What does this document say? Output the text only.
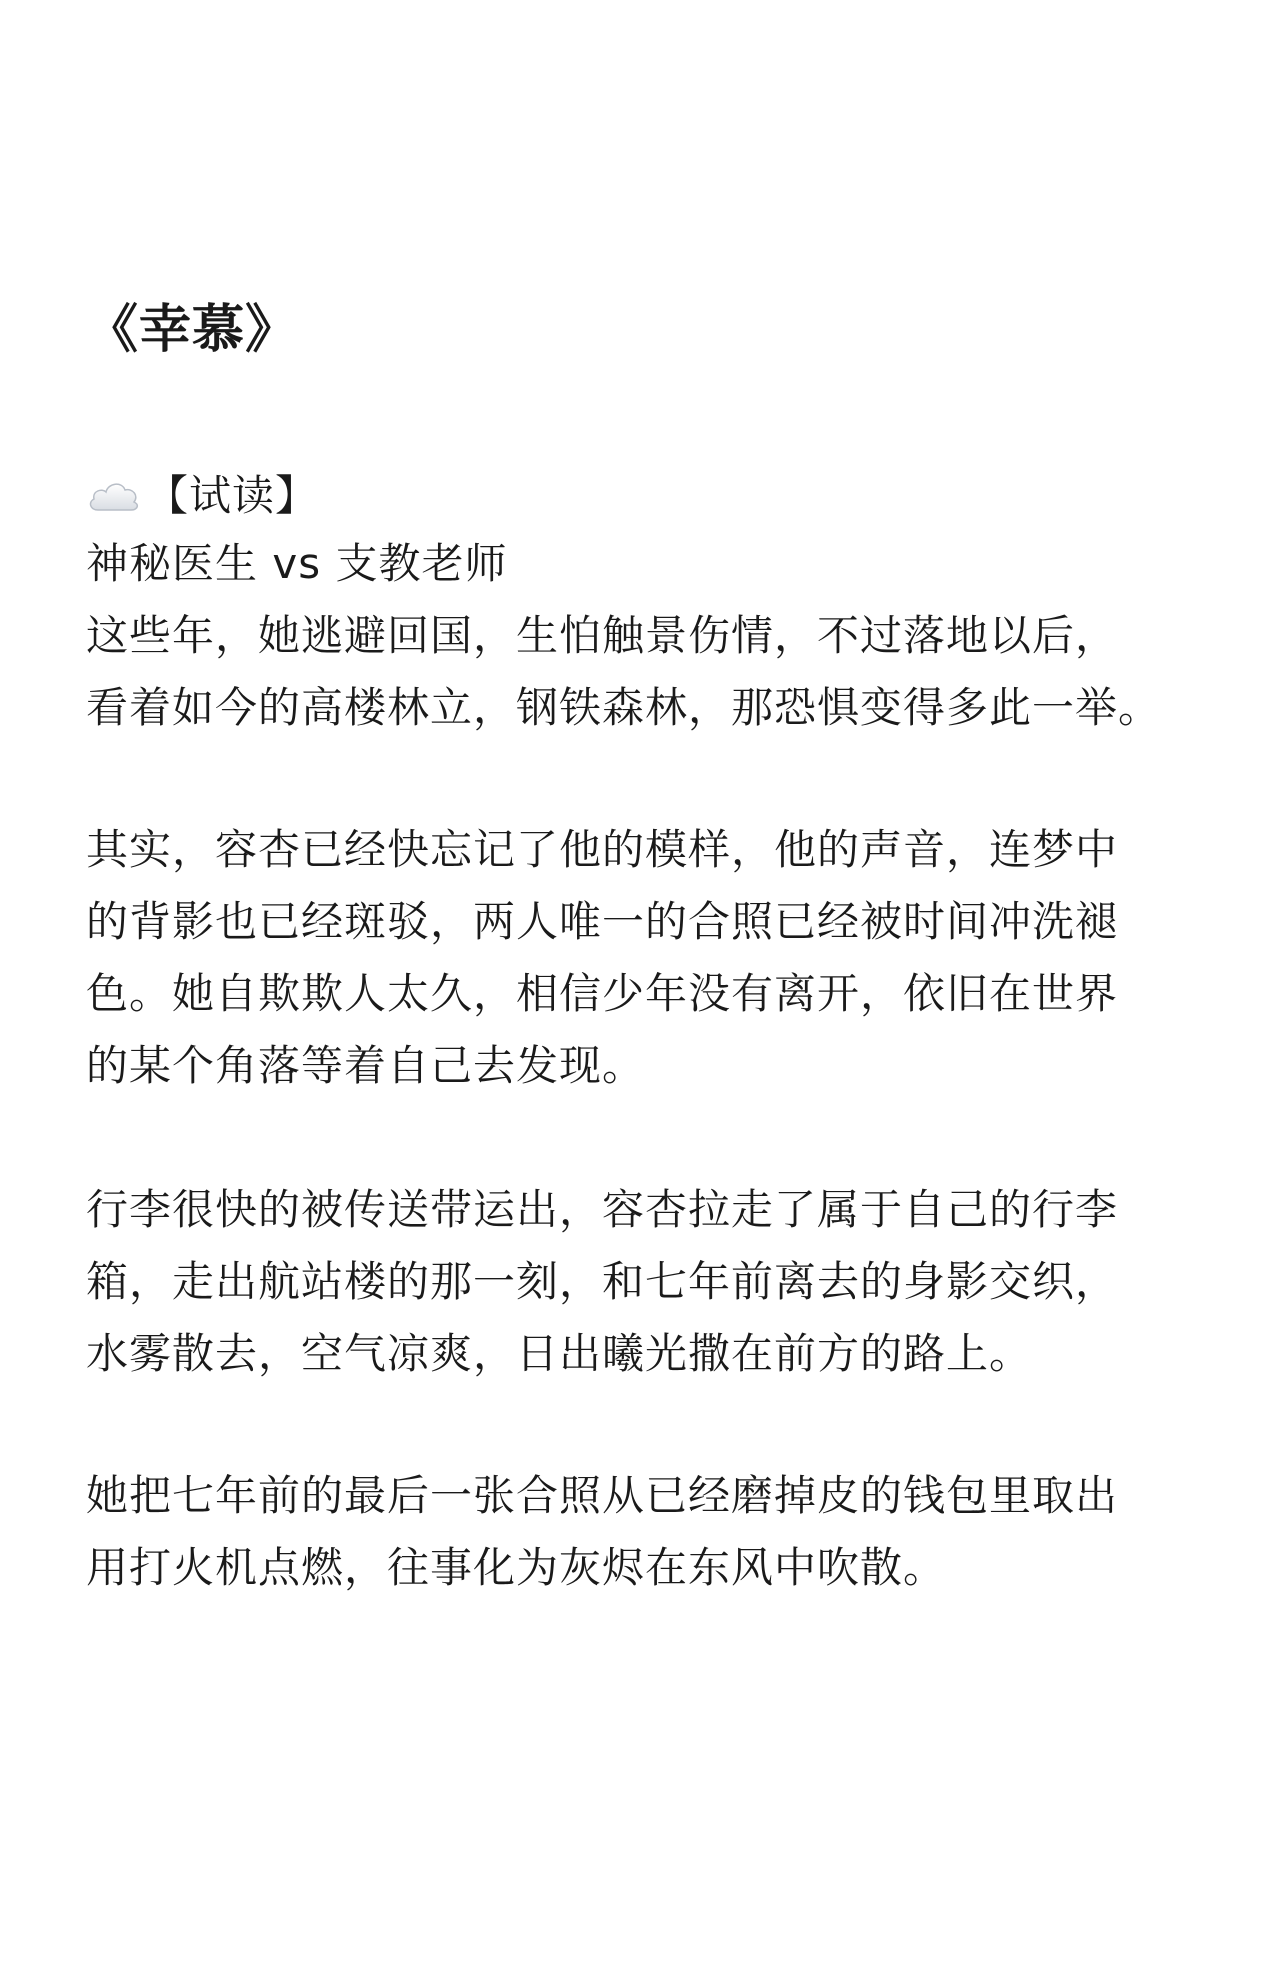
《幸慕》
【试读】
神秘医生 vs 支教老师
这些年，她逃避回国，生怕触景伤情，不过落地以后，
看着如今的高楼林立，钢铁森林，那恐惧变得多此一举。
其实，容杏已经快忘记了他的模样，他的声音，连梦中
的背影也已经斑驳，两人唯一的合照已经被时间冲洗褪
色。她自欺欺人太久，相信少年没有离开，依旧在世界
的某个角落等着自己去发现。
行李很快的被传送带运出，容杏拉走了属于自己的行李
箱，走出航站楼的那一刻，和七年前离去的身影交织，
水雾散去，空气凉爽，日出曦光撒在前方的路上。
她把七年前的最后一张合照从已经磨掉皮的钱包里取出
用打火机点燃，往事化为灰烬在东风中吹散。
